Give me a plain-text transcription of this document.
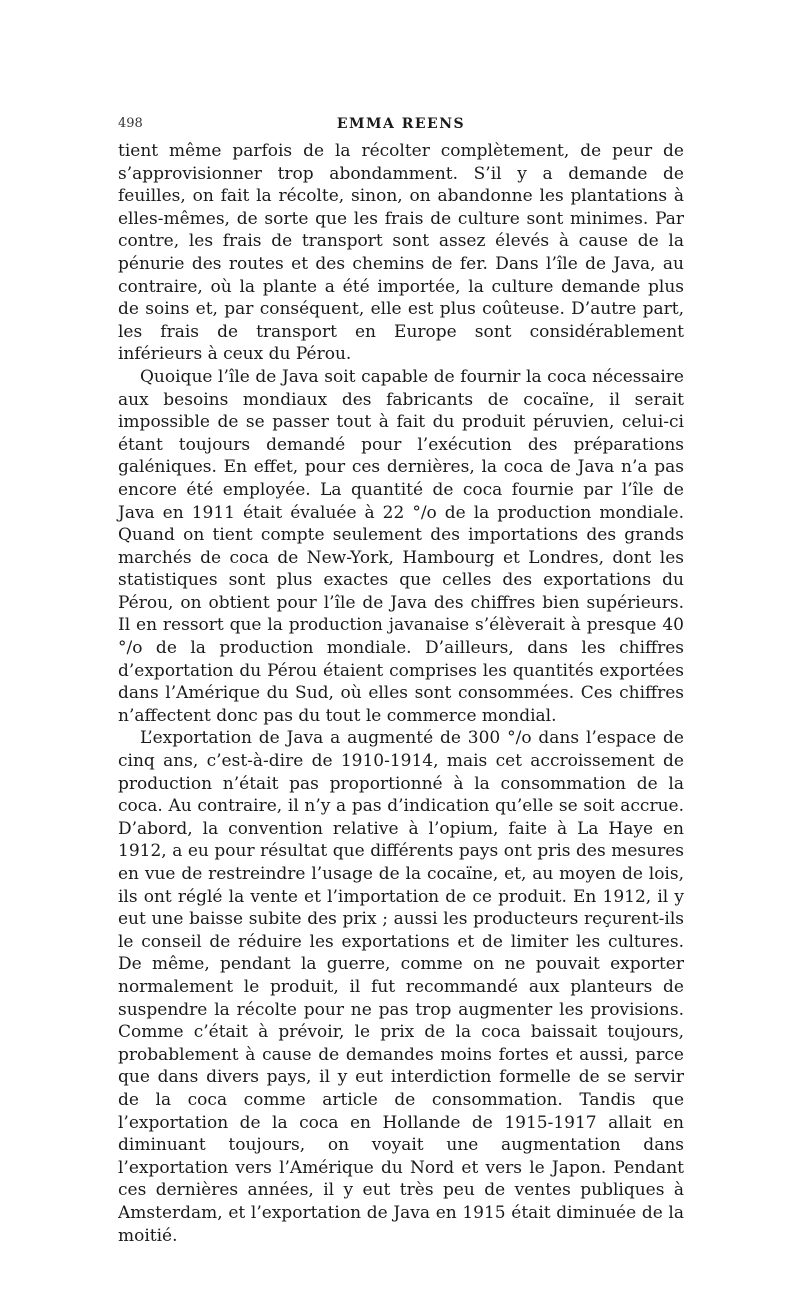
498	EMMA REENS

tient même parfois de la récolter complètement, de peur de s’approvisionner trop abondamment. S’il y a demande de feuilles, on fait la récolte, sinon, on abandonne les plantations à elles-mêmes, de sorte que les frais de culture sont minimes. Par contre, les frais de transport sont assez élevés à cause de la pénurie des routes et des chemins de fer. Dans l’île de Java, au contraire, où la plante a été importée, la culture demande plus de soins et, par conséquent, elle est plus coûteuse. D’autre part, les frais de transport en Europe sont considérablement inférieurs à ceux du Pérou.

Quoique l’île de Java soit capable de fournir la coca nécessaire aux besoins mondiaux des fabricants de cocaïne, il serait impossible de se passer tout à fait du produit péruvien, celui-ci étant toujours demandé pour l’exécution des préparations galéniques. En effet, pour ces dernières, la coca de Java n’a pas encore été employée. La quantité de coca fournie par l’île de Java en 1911 était évaluée à 22 °/o de la production mondiale. Quand on tient compte seulement des importations des grands marchés de coca de New-York, Hambourg et Londres, dont les statistiques sont plus exactes que celles des exportations du Pérou, on obtient pour l’île de Java des chiffres bien supérieurs. Il en ressort que la production javanaise s’élèverait à presque 40 °/o de la production mondiale. D’ailleurs, dans les chiffres d’exportation du Pérou étaient comprises les quantités exportées dans l’Amérique du Sud, où elles sont consommées. Ces chiffres n’affectent donc pas du tout le commerce mondial.

L’exportation de Java a augmenté de 300 °/o dans l’espace de cinq ans, c’est-à-dire de 1910-1914, mais cet accroissement de production n’était pas proportionné à la consommation de la coca. Au contraire, il n’y a pas d’indication qu’elle se soit accrue. D’abord, la convention relative à l’opium, faite à La Haye en 1912, a eu pour résultat que différents pays ont pris des mesures en vue de restreindre l’usage de la cocaïne, et, au moyen de lois, ils ont réglé la vente et l’importation de ce produit. En 1912, il y eut une baisse subite des prix ; aussi les producteurs reçurent-ils le conseil de réduire les exportations et de limiter les cultures. De même, pendant la guerre, comme on ne pouvait exporter normalement le produit, il fut recommandé aux planteurs de suspendre la récolte pour ne pas trop augmenter les provisions. Comme c’était à prévoir, le prix de la coca baissait toujours, probablement à cause de demandes moins fortes et aussi, parce que dans divers pays, il y eut interdiction formelle de se servir de la coca comme article de consommation. Tandis que l’exportation de la coca en Hollande de 1915-1917 allait en diminuant toujours, on voyait une augmentation dans l’exportation vers l’Amérique du Nord et vers le Japon. Pendant ces dernières années, il y eut très peu de ventes publiques à Amsterdam, et l’exportation de Java en 1915 était diminuée de la moitié.
